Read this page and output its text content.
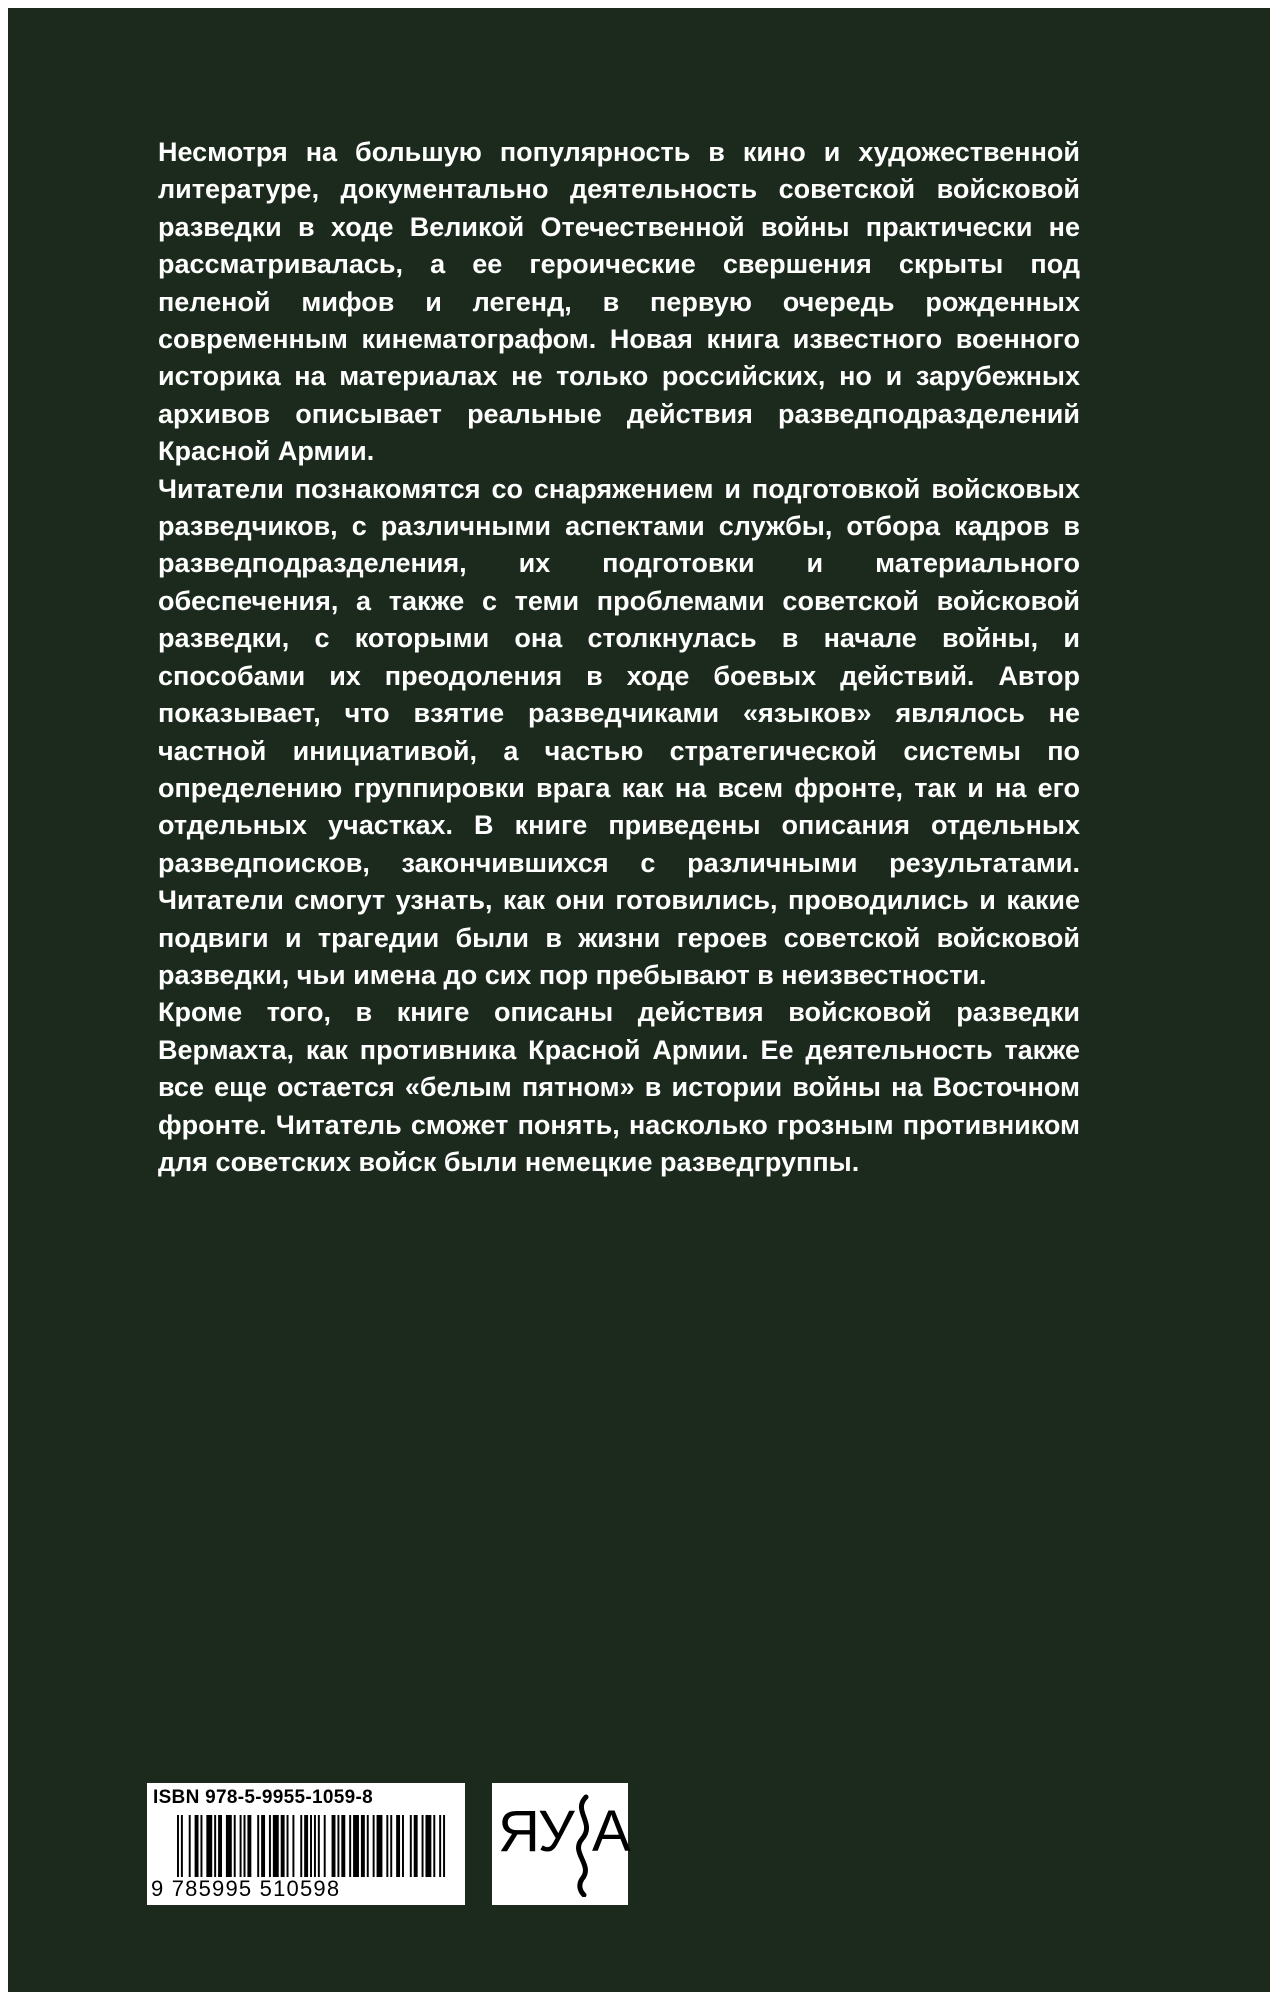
Несмотря на большую популярность в кино и художественной литературе, документально деятельность советской войсковой разведки в ходе Великой Отечественной войны практически не рассматривалась, а ее героические свершения скрыты под пеленой мифов и легенд, в первую очередь рожденных современным кинематографом. Новая книга известного военного историка на материалах не только российских, но и зарубежных архивов описывает реальные действия разведподразделений Красной Армии.

Читатели познакомятся со снаряжением и подготовкой войсковых разведчиков, с различными аспектами службы, отбора кадров в разведподразделения, их подготовки и материального обеспечения, а также с теми проблемами советской войсковой разведки, с которыми она столкнулась в начале войны, и способами их преодоления в ходе боевых действий. Автор показывает, что взятие разведчиками «языков» являлось не частной инициативой, а частью стратегической системы по определению группировки врага как на всем фронте, так и на его отдельных участках. В книге приведены описания отдельных разведпоисков, закончившихся с различными результатами. Читатели смогут узнать, как они готовились, проводились и какие подвиги и трагедии были в жизни героев советской войсковой разведки, чьи имена до сих пор пребывают в неизвестности.

Кроме того, в книге описаны действия войсковой разведки Вермахта, как противника Красной Армии. Ее деятельность также все еще остается «белым пятном» в истории войны на Восточном фронте. Читатель сможет понять, насколько грозным противником для советских войск были немецкие разведгруппы.

ISBN 978-5-9955-1059-8
9 785995 510598
ЯУ А
